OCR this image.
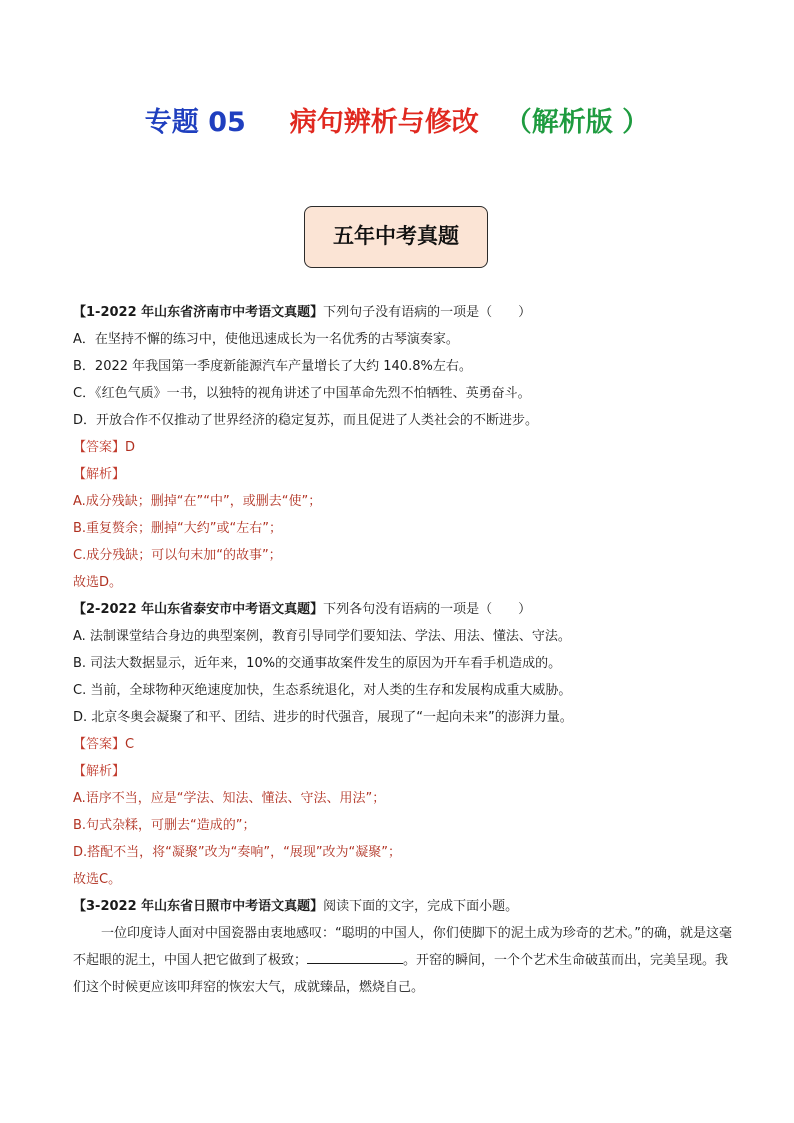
专题 05 病句辨析与修改 （解析版 ）
五年中考真题
【1-2022 年山东省济南市中考语文真题】下列句子没有语病的一项是（　　）
A．在坚持不懈的练习中，使他迅速成长为一名优秀的古琴演奏家。
B．2022 年我国第一季度新能源汽车产量增长了大约 140.8%左右。
C．《红色气质》一书，以独特的视角讲述了中国革命先烈不怕牺牲、英勇奋斗。
D．开放合作不仅推动了世界经济的稳定复苏，而且促进了人类社会的不断进步。
【答案】D
【解析】
A.成分残缺；删掉“在”“中”，或删去“使”；
B.重复赘余；删掉“大约”或“左右”；
C.成分残缺；可以句末加“的故事”；
故选D。
【2-2022 年山东省泰安市中考语文真题】下列各句没有语病的一项是（　　）
A. 法制课堂结合身边的典型案例，教育引导同学们要知法、学法、用法、懂法、守法。
B. 司法大数据显示，近年来，10%的交通事故案件发生的原因为开车看手机造成的。
C. 当前，全球物种灭绝速度加快，生态系统退化，对人类的生存和发展构成重大威胁。
D. 北京冬奥会凝聚了和平、团结、进步的时代强音，展现了“一起向未来”的澎湃力量。
【答案】C
【解析】
A.语序不当，应是“学法、知法、懂法、守法、用法”；
B.句式杂糅，可删去“造成的”；
D.搭配不当，将“凝聚”改为“奏响”，“展现”改为“凝聚”；
故选C。
【3-2022 年山东省日照市中考语文真题】阅读下面的文字，完成下面小题。
一位印度诗人面对中国瓷器由衷地感叹：“聪明的中国人，你们使脚下的泥土成为珍奇的艺术。”的确，就是这毫不起眼的泥土，中国人把它做到了极致；	。开窑的瞬间，一个个艺术生命破茧而出，完美呈现。我们这个时候更应该叩拜窑的恢宏大气，成就臻品，燃烧自己。
